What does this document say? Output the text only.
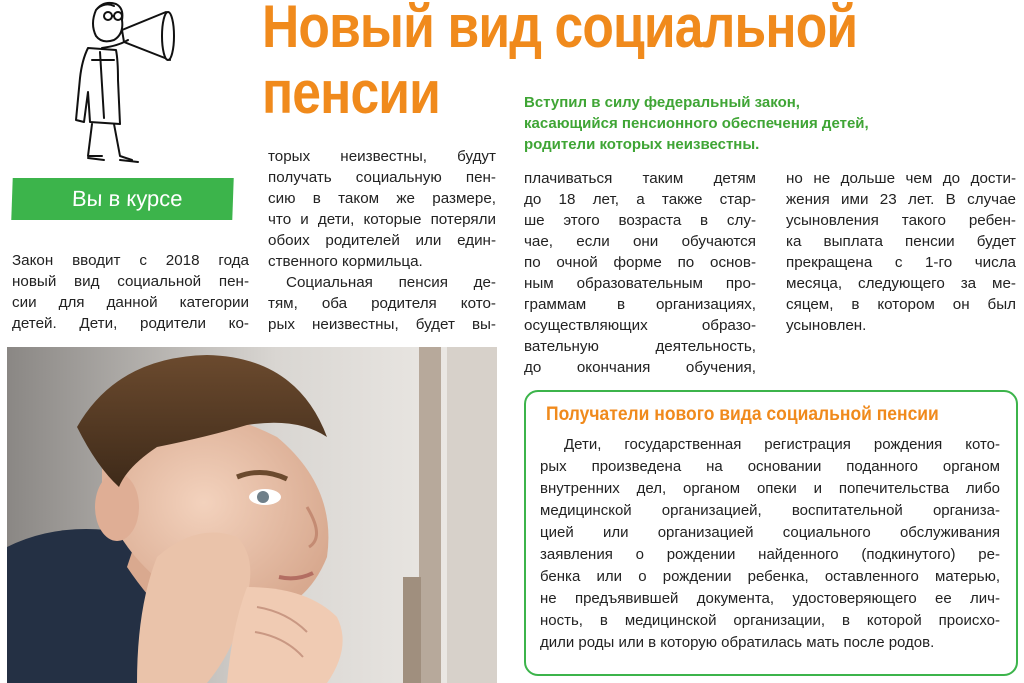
Новый вид социальной
пенсии	Вступил в силу федеральный закон,
касающийся пенсионного обеспечения детей,
родители которых неизвестны.
Вы в курсе

Закон вводит с 2018 года

новый вид социальной пен-

сии для данной категории

детей. Дети, родители ко-

торых неизвестны, будут

получать социальную пен-

сию в таком же размере,

что и дети, которые потеряли

обоих родителей или един-

ственного кормильца.

Социальная пенсия де-

тям, оба родителя кото-

рых неизвестны, будет вы-

плачиваться таким детям

до 18 лет, а также стар-

ше этого возраста в слу-

чае, если они обучаются

по очной форме по основ-

ным образовательным про-

граммам в организациях,

осуществляющих образо-

вательную деятельность,

до окончания обучения,

но не дольше чем до дости-

жения ими 23 лет. В случае

усыновления такого ребен-

ка выплата пенсии будет

прекращена с 1-го числа

месяца, следующего за ме-

сяцем, в котором он был

усыновлен.

Получатели нового вида социальной пенсии

Дети, государственная регистрация рождения кото-

рых произведена на основании поданного органом

внутренних дел, органом опеки и попечительства либо

медицинской организацией, воспитательной организа-

цией или организацией социального обслуживания

заявления о рождении найденного (подкинутого) ре-

бенка или о рождении ребенка, оставленного матерью,

не предъявившей документа, удостоверяющего ее лич-

ность, в медицинской организации, в которой происхо-

дили роды или в которую обратилась мать после родов.
